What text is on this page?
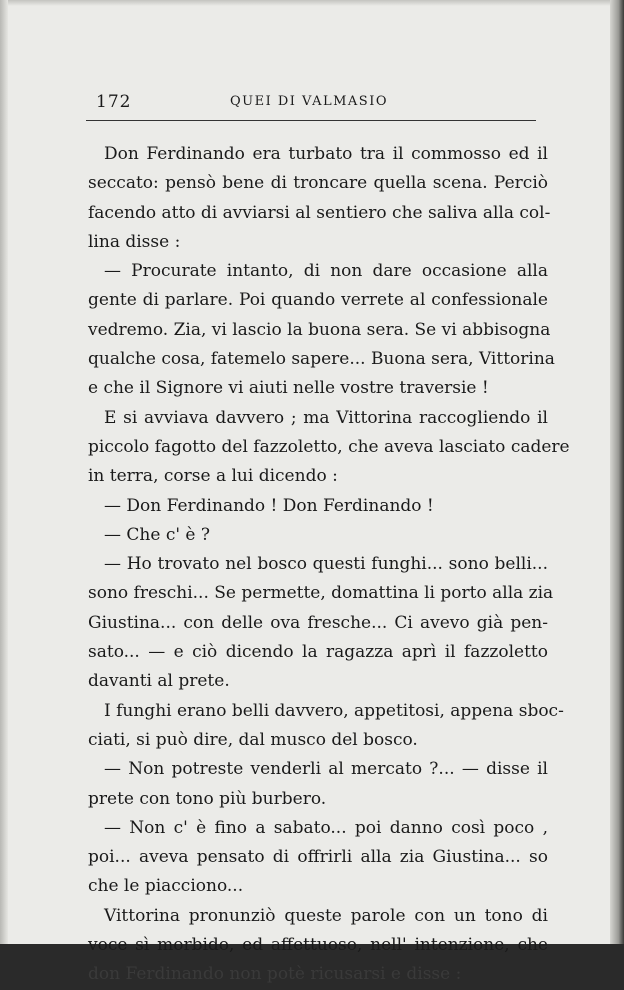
172	QUEI DI VALMASIO
Don Ferdinando era turbato tra il commosso ed il
seccato: pensò bene di troncare quella scena. Perciò
facendo atto di avviarsi al sentiero che saliva alla col-
lina disse :
— Procurate intanto, di non dare occasione alla
gente di parlare. Poi quando verrete al confessionale
vedremo. Zia, vi lascio la buona sera. Se vi abbisogna
qualche cosa, fatemelo sapere... Buona sera, Vittorina
e che il Signore vi aiuti nelle vostre traversie !
E si avviava davvero ; ma Vittorina raccogliendo il
piccolo fagotto del fazzoletto, che aveva lasciato cadere
in terra, corse a lui dicendo :
— Don Ferdinando ! Don Ferdinando !
— Che c' è ?
— Ho trovato nel bosco questi funghi... sono belli...
sono freschi... Se permette, domattina li porto alla zia
Giustina... con delle ova fresche... Ci avevo già pen-
sato... — e ciò dicendo la ragazza aprì il fazzoletto
davanti al prete.
I funghi erano belli davvero, appetitosi, appena sboc-
ciati, si può dire, dal musco del bosco.
— Non potreste venderli al mercato ?... — disse il
prete con tono più burbero.
— Non c' è fino a sabato... poi danno così poco ,
poi... aveva pensato di offrirli alla zia Giustina... so
che le piacciono...
Vittorina pronunziò queste parole con un tono di
voce sì morbido, ed affettuoso, nell' intenzione, che
don Ferdinando non potè ricusarsi e disse :
